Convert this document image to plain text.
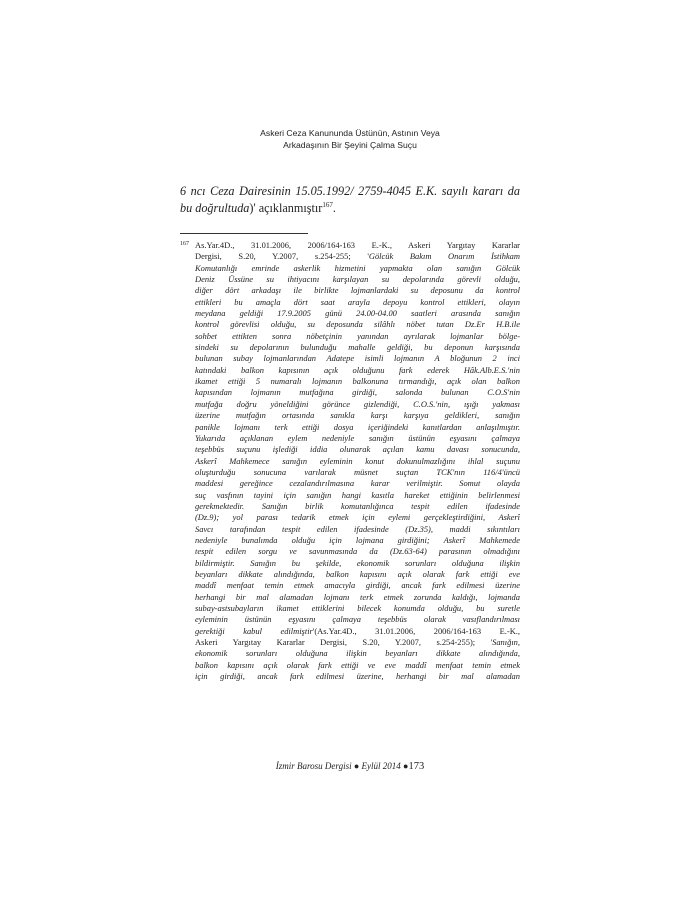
Askeri Ceza Kanununda Üstünün, Astının Veya
Arkadaşının Bir Şeyini Çalma Suçu
6 ncı Ceza Dairesinin 15.05.1992/ 2759-4045 E.K. sayılı kararı da bu doğrultuda)' açıklanmıştır$^{167}$.
167 As.Yar.4D., 31.01.2006, 2006/164-163 E.-K., Askeri Yargıtay Kararlar
Dergisi, S.20, Y.2007, s.254-255; 'Gölcük Bakım Onarım İstihkam
Komutanlığı emrinde askerlik hizmetini yapmakta olan sanığın Gölcük
Deniz Üssüne su ihtiyacını karşılayan su depolarında görevli olduğu,
diğer dört arkadaşı ile birlikte lojmanlardaki su deposunu da kontrol
ettikleri bu amaçla dört saat arayla depoyu kontrol ettikleri, olayın
meydana geldiği 17.9.2005 günü 24.00-04.00 saatleri arasında sanığın
kontrol görevlisi olduğu, su deposunda silâhlı nöbet tutan Dz.Er H.B.ile
sohbet ettikten sonra nöbetçinin yanından ayrılarak lojmanlar bölge-
sindeki su depolarının bulunduğu mahalle geldiği, bu deponun karşısında
bulunan subay lojmanlarından Adatepe isimli lojmanın A bloğunun 2 inci
katındaki balkon kapısının açık olduğunu fark ederek Hâk.Alb.E.S.'nin
ikamet ettiği 5 numaralı lojmanın balkonuna tırmandığı, açık olan balkon
kapısından lojmanın mutfağına girdiği, salonda bulunan C.O.S'nin
mutfağa doğru yöneldiğini görünce gizlendiği, C.O.S.'nin, ışığı yakması
üzerine mutfağın ortasında sanıkla karşı karşıya geldikleri, sanığın
panikle lojmanı terk ettiği dosya içeriğindeki kanıtlardan anlaşılmıştır.
Yukarıda açıklanan eylem nedeniyle sanığın üstünün eşyasını çalmaya
teşebbüs suçunu işlediği iddia olunarak açılan kamu davası sonucunda,
Askerî Mahkemece sanığın eyleminin konut dokunulmazlığını ihlal suçunu
oluşturduğu sonucuna varılarak müsnet suçtan TCK'nın 116/4'üncü
maddesi gereğince cezalandırılmasına karar verilmiştir. Somut olayda
suç vasfının tayini için sanığın hangi kasıtla hareket ettiğinin belirlenmesi
gerekmektedir. Sanığın birlik komutanlığınca tespit edilen ifadesinde
(Dz.9); yol parası tedarik etmek için eylemi gerçekleştirdiğini, Askerî
Savcı tarafından tespit edilen ifadesinde (Dz.35), maddi sıkıntıları
nedeniyle bunalımda olduğu için lojmana girdiğini; Askerî Mahkemede
tespit edilen sorgu ve savunmasında da (Dz.63-64) parasının olmadığını
bildirmiştir. Sanığın bu şekilde, ekonomik sorunları olduğuna ilişkin
beyanları dikkate alındığında, balkon kapısını açık olarak fark ettiği eve
maddî menfaat temin etmek amacıyla girdiği, ancak fark edilmesi üzerine
herhangi bir mal alamadan lojmanı terk etmek zorunda kaldığı, lojmanda
subay-astsubayların ikamet ettiklerini bilecek konumda olduğu, bu suretle
eyleminin üstünün eşyasını çalmaya teşebbüs olarak vasıflandırılması
gerektiği kabul edilmiştir'(As.Yar.4D., 31.01.2006, 2006/164-163 E.-K.,
Askeri Yargıtay Kararlar Dergisi, S.20, Y.2007, s.254-255); 'Sanığın,
ekonomik sorunları olduğuna ilişkin beyanları dikkate alındığında,
balkon kapısını açık olarak fark ettiği ve eve maddî menfaat temin etmek
için girdiği, ancak fark edilmesi üzerine, herhangi bir mal alamadan
İzmir Barosu Dergisi ● Eylül 2014 ●173
